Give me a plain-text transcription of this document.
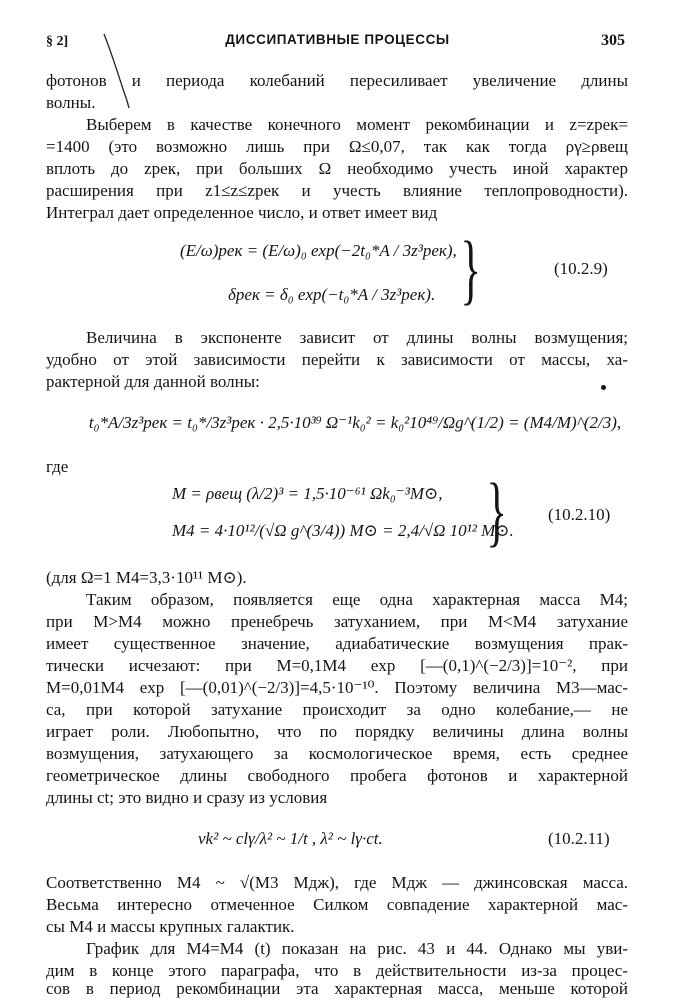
§ 2]	ДИССИПАТИВНЫЕ ПРОЦЕССЫ	305
фотонов и периода колебаний пересиливает увеличение длины
волны.
Выберем в качестве конечного момент рекомбинации и z=zрек=
=1400 (это возможно лишь при Ω≤0,07, так как тогда ργ≥ρвещ
вплоть до zрек, при больших Ω необходимо учесть иной характер
расширения при z1≤z≤zрек и учесть влияние теплопроводности).
Интеграл дает определенное число, и ответ имеет вид
(E/ω)рек = (E/ω)₀ exp(−2t₀*A / 3z³рек),
δрек = δ₀ exp(−t₀*A / 3z³рек). }	(10.2.9)
Величина в экспоненте зависит от длины волны возмущения;
удобно от этой зависимости перейти к зависимости от массы, ха-
рактерной для данной волны:
t₀*A/3z³рек = t₀*/3z³рек · 2,5·10³⁹ Ω⁻¹k₀² = k₀²10⁴⁹/Ωg^(1/2) = (M4/M)^(2/3),
где
M = ρвещ (λ/2)³ = 1,5·10⁻⁶¹ Ωk₀⁻³M⊙,
M4 = 4·10¹²/(√Ω g^(3/4)) M⊙ = 2,4/√Ω 10¹² M⊙.
} (10.2.10)
(для Ω=1 M4=3,3·10¹¹ M⊙).
Таким образом, появляется еще одна характерная масса M4;
при M>M4 можно пренебречь затуханием, при M<M4 затухание
имеет существенное значение, адиабатические возмущения прак-
тически исчезают: при M=0,1M4 exp [—(0,1)^(−2/3)]=10⁻², при
M=0,01M4 exp [—(0,01)^(−2/3)]=4,5·10⁻¹⁰. Поэтому величина M3—мас-
са, при которой затухание происходит за одно колебание,— не
играет роли. Любопытно, что по порядку величины длина волны
возмущения, затухающего за космологическое время, есть среднее
геометрическое длины свободного пробега фотонов и характерной
длины ct; это видно и сразу из условия
νk² ~ clγ/λ² ~ 1/t , λ² ~ lγ·ct.	(10.2.11)
Соответственно M4 ~ √(M3 Mдж), где Mдж — джинсовская масса.
Весьма интересно отмеченное Силком совпадение характерной мас-
сы M4 и массы крупных галактик.
График для M4=M4 (t) показан на рис. 43 и 44. Однако мы уви-
дим в конце этого параграфа, что в действительности из-за процес-
сов в период рекомбинации эта характерная масса, меньше которой
